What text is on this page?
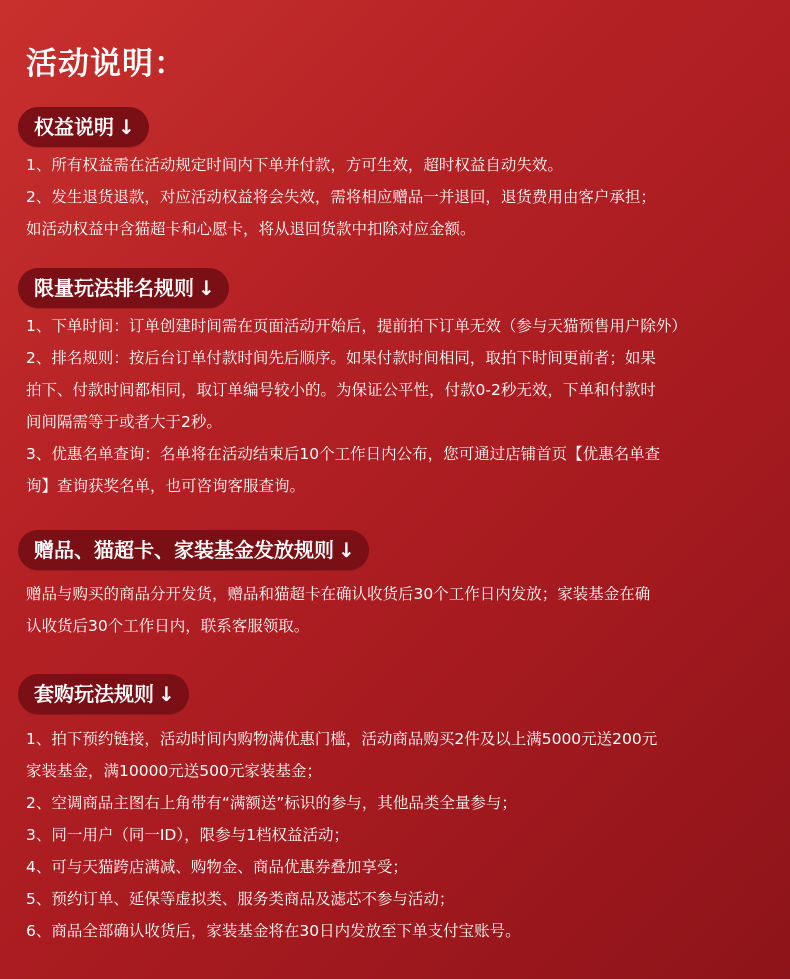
活动说明：
权益说明 ↓

1、所有权益需在活动规定时间内下单并付款，方可生效，超时权益自动失效。

2、发生退货退款，对应活动权益将会失效，需将相应赠品一并退回，退货费用由客户承担；

如活动权益中含猫超卡和心愿卡，将从退回货款中扣除对应金额。

限量玩法排名规则 ↓

1、下单时间：订单创建时间需在页面活动开始后，提前拍下订单无效（参与天猫预售用户除外）

2、排名规则：按后台订单付款时间先后顺序。如果付款时间相同，取拍下时间更前者；如果

拍下、付款时间都相同，取订单编号较小的。为保证公平性，付款0-2秒无效，下单和付款时

间间隔需等于或者大于2秒。

3、优惠名单查询：名单将在活动结束后10个工作日内公布，您可通过店铺首页【优惠名单查

询】查询获奖名单，也可咨询客服查询。

赠品、猫超卡、家装基金发放规则 ↓

赠品与购买的商品分开发货，赠品和猫超卡在确认收货后30个工作日内发放；家装基金在确

认收货后30个工作日内，联系客服领取。

套购玩法规则 ↓

1、拍下预约链接，活动时间内购物满优惠门槛，活动商品购买2件及以上满5000元送200元

家装基金，满10000元送500元家装基金；

2、空调商品主图右上角带有“满额送”标识的参与，其他品类全量参与；

3、同一用户（同一ID），限参与1档权益活动；

4、可与天猫跨店满减、购物金、商品优惠券叠加享受；

5、预约订单、延保等虚拟类、服务类商品及滤芯不参与活动；

6、商品全部确认收货后，家装基金将在30日内发放至下单支付宝账号。
